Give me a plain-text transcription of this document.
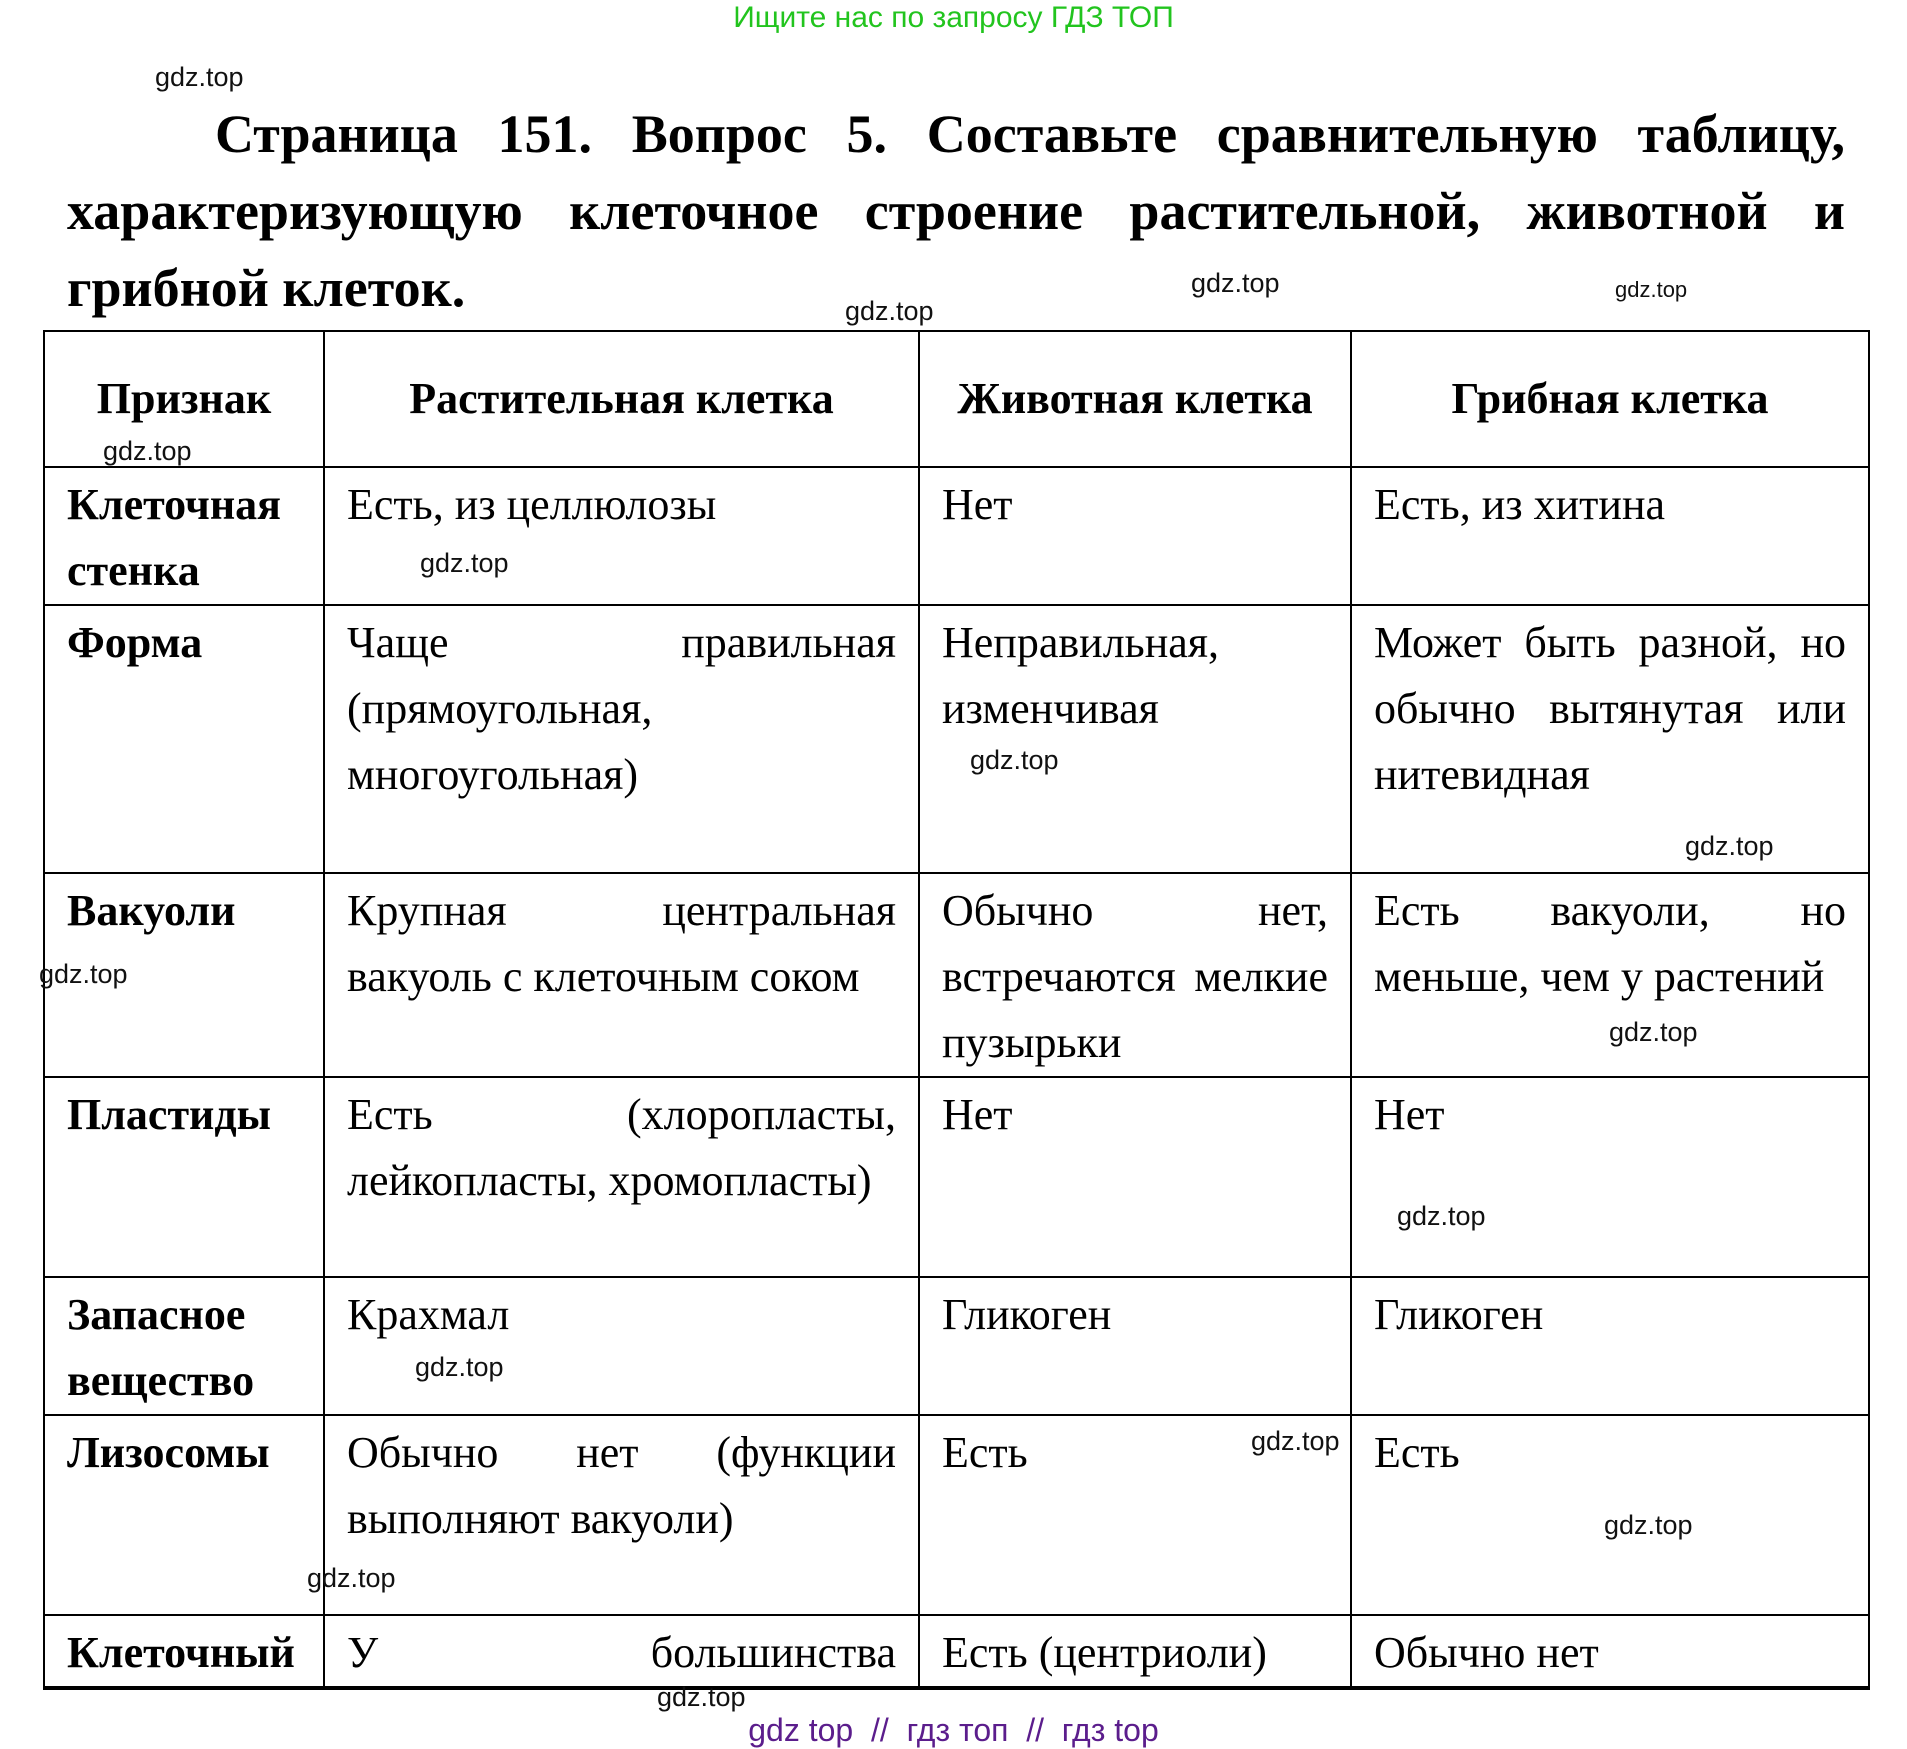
Ищите нас по запросу ГДЗ ТОП
Страница 151. Вопрос 5. Составьте сравнительную таблицу, характеризующую клеточное строение растительной, животной и грибной клеток.
Признак	Растительная клетка	Животная клетка	Грибная клетка
Клеточная стенка	Есть, из целлюлозы	Нет	Есть, из хитина
Форма	Чаще правильная (прямоугольная, многоугольная)	Неправильная, изменчивая	Может быть разной, но обычно вытянутая или нитевидная
Вакуоли	Крупная центральная вакуоль с клеточным соком	Обычно нет, встречаются мелкие пузырьки	Есть вакуоли, но меньше, чем у растений
Пластиды	Есть (хлоропласты, лейкопласты, хромопласты)	Нет	Нет
Запасное вещество	Крахмал	Гликоген	Гликоген
Лизосомы	Обычно нет (функции выполняют вакуоли)	Есть	Есть
Клеточный	У большинства	Есть (центриоли)	Обычно нет
gdz.top
gdz.top
gdz.top
gdz.top
gdz.top
gdz.top
gdz.top
gdz.top
gdz.top
gdz.top
gdz.top
gdz.top
gdz.top
gdz.top
gdz.top
gdz.top
gdz top  //  гдз топ  //  гдз top
